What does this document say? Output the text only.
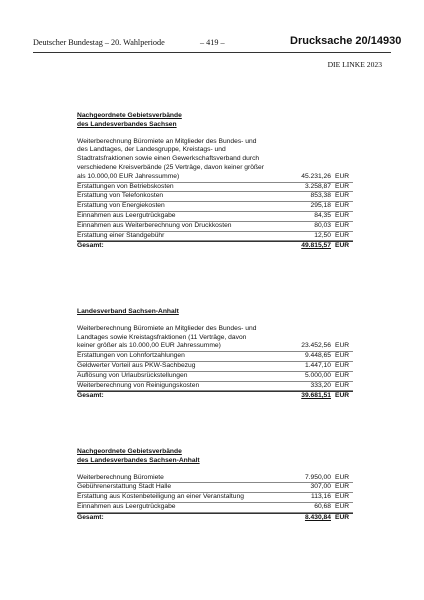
Deutscher Bundestag – 20. Wahlperiode	– 419 –	Drucksache 20/14930
DIE LINKE 2023
Nachgeordnete Gebietsverbände
des Landesverbandes Sachsen
Weiterberechnung Büromiete an Mitglieder des Bundes- und des Landtages, der Landesgruppe, Kreistags- und Stadtratsfraktionen sowie einen Gewerkschaftsverband durch verschiedene Kreisverbände (25 Verträge, davon keiner größer als 10.000,00 EUR Jahressumme)	45.231,26 EUR
Erstattungen von Betriebskosten	3.258,87 EUR
Erstattung von Telefonkosten	853,38 EUR
Erstattung von Energiekosten	295,18 EUR
Einnahmen aus Leergutrückgabe	84,35 EUR
Einnahmen aus Weiterberechnung von Druckkosten	80,03 EUR
Erstattung einer Standgebühr	12,50 EUR
Gesamt:	49.815,57 EUR
Landesverband Sachsen-Anhalt
Weiterberechnung Büromiete an Mitglieder des Bundes- und Landtages sowie Kreistagsfraktionen (11 Verträge, davon keiner größer als 10.000,00 EUR Jahressumme)	23.452,56 EUR
Erstattungen von Lohnfortzahlungen	9.448,65 EUR
Geldwerter Vorteil aus PKW-Sachbezug	1.447,10 EUR
Auflösung von Urlaubsrückstellungen	5.000,00 EUR
Weiterberechnung von Reinigungskosten	333,20 EUR
Gesamt:	39.681,51 EUR
Nachgeordnete Gebietsverbände
des Landesverbandes Sachsen-Anhalt
Weiterberechnung Büromiete	7.950,00 EUR
Gebührenerstattung Stadt Halle	307,00 EUR
Erstattung aus Kostenbeteiligung an einer Veranstaltung	113,16 EUR
Einnahmen aus Leergutrückgabe	60,68 EUR
Gesamt:	8.430,84 EUR
